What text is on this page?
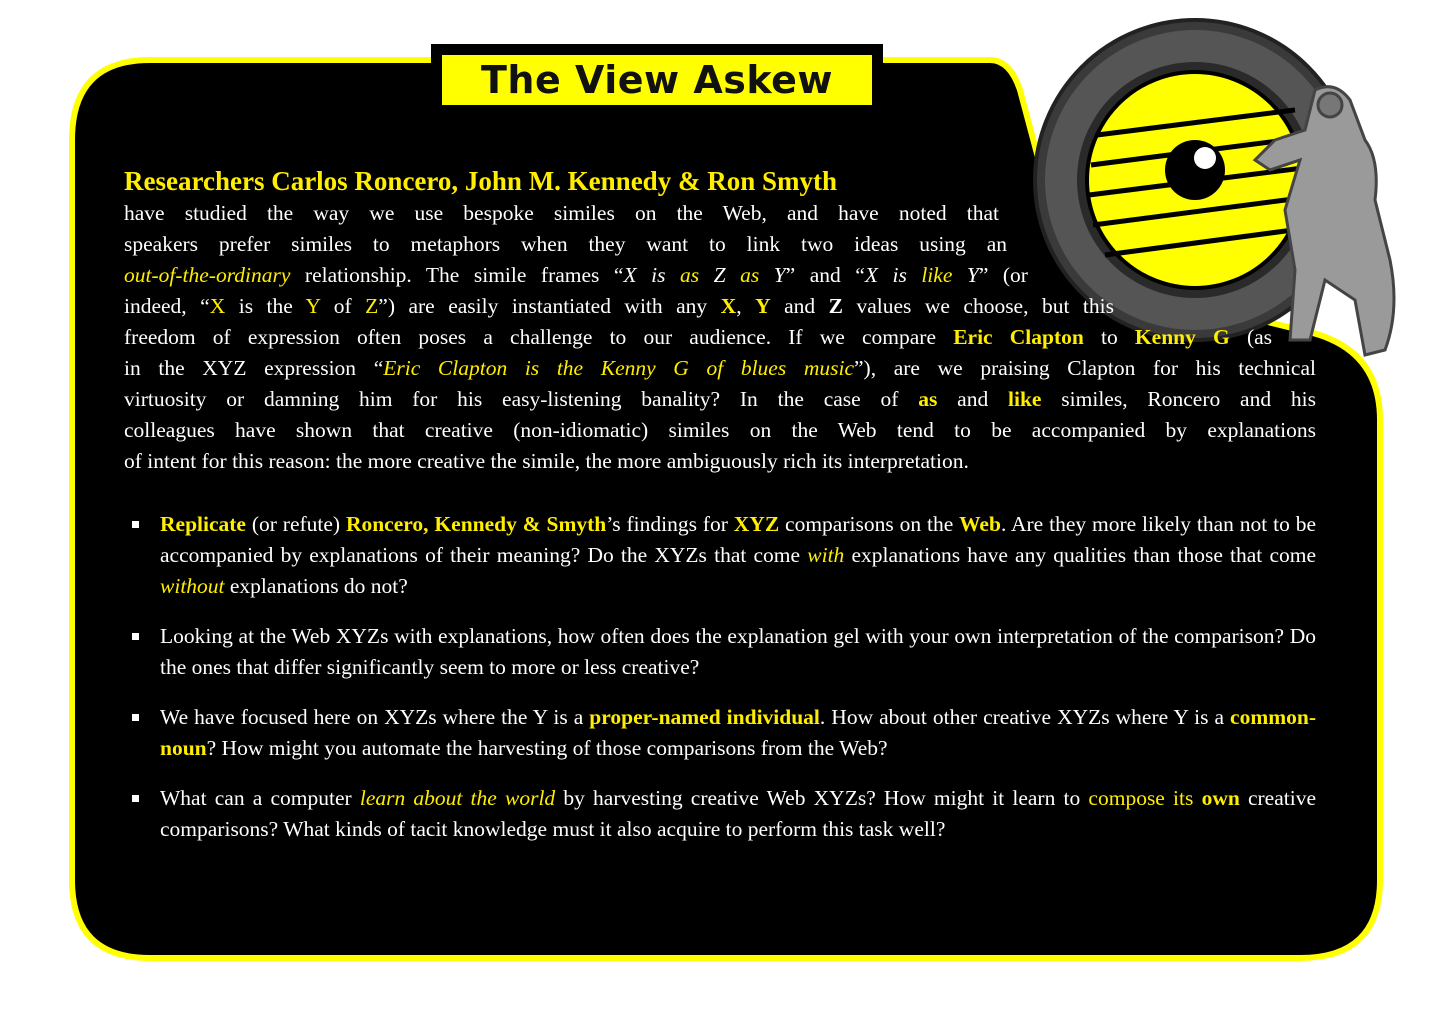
The View Askew
Researchers Carlos Roncero, John M. Kennedy & Ron Smyth
have studied the way we use bespoke similes on the Web, and have noted that
speakers prefer similes to metaphors when they want to link two ideas using an
out-of-the-ordinary relationship. The simile frames “X is as Z as Y” and “X is like Y” (or
indeed, “X is the Y of Z”) are easily instantiated with any X, Y and Z values we choose, but this
freedom of expression often poses a challenge to our audience. If we compare Eric Clapton to Kenny G (as
in the XYZ expression “Eric Clapton is the Kenny G of blues music”), are we praising Clapton for his technical
virtuosity or damning him for his easy-listening banality? In the case of as and like similes, Roncero and his
colleagues have shown that creative (non-idiomatic) similes on the Web tend to be accompanied by explanations
of intent for this reason: the more creative the simile, the more ambiguously rich its interpretation.
Replicate (or refute) Roncero, Kennedy & Smyth’s findings for XYZ comparisons on the Web. Are they more likely than not to be accompanied by explanations of their meaning? Do the XYZs that come with explanations have any qualities than those that come without explanations do not?
Looking at the Web XYZs with explanations, how often does the explanation gel with your own interpretation of the comparison? Do the ones that differ significantly seem to more or less creative?
We have focused here on XYZs where the Y is a proper-named individual. How about other creative XYZs where Y is a common-noun? How might you automate the harvesting of those comparisons from the Web?
What can a computer learn about the world by harvesting creative Web XYZs? How might it learn to compose its own creative comparisons? What kinds of tacit knowledge must it also acquire to perform this task well?
